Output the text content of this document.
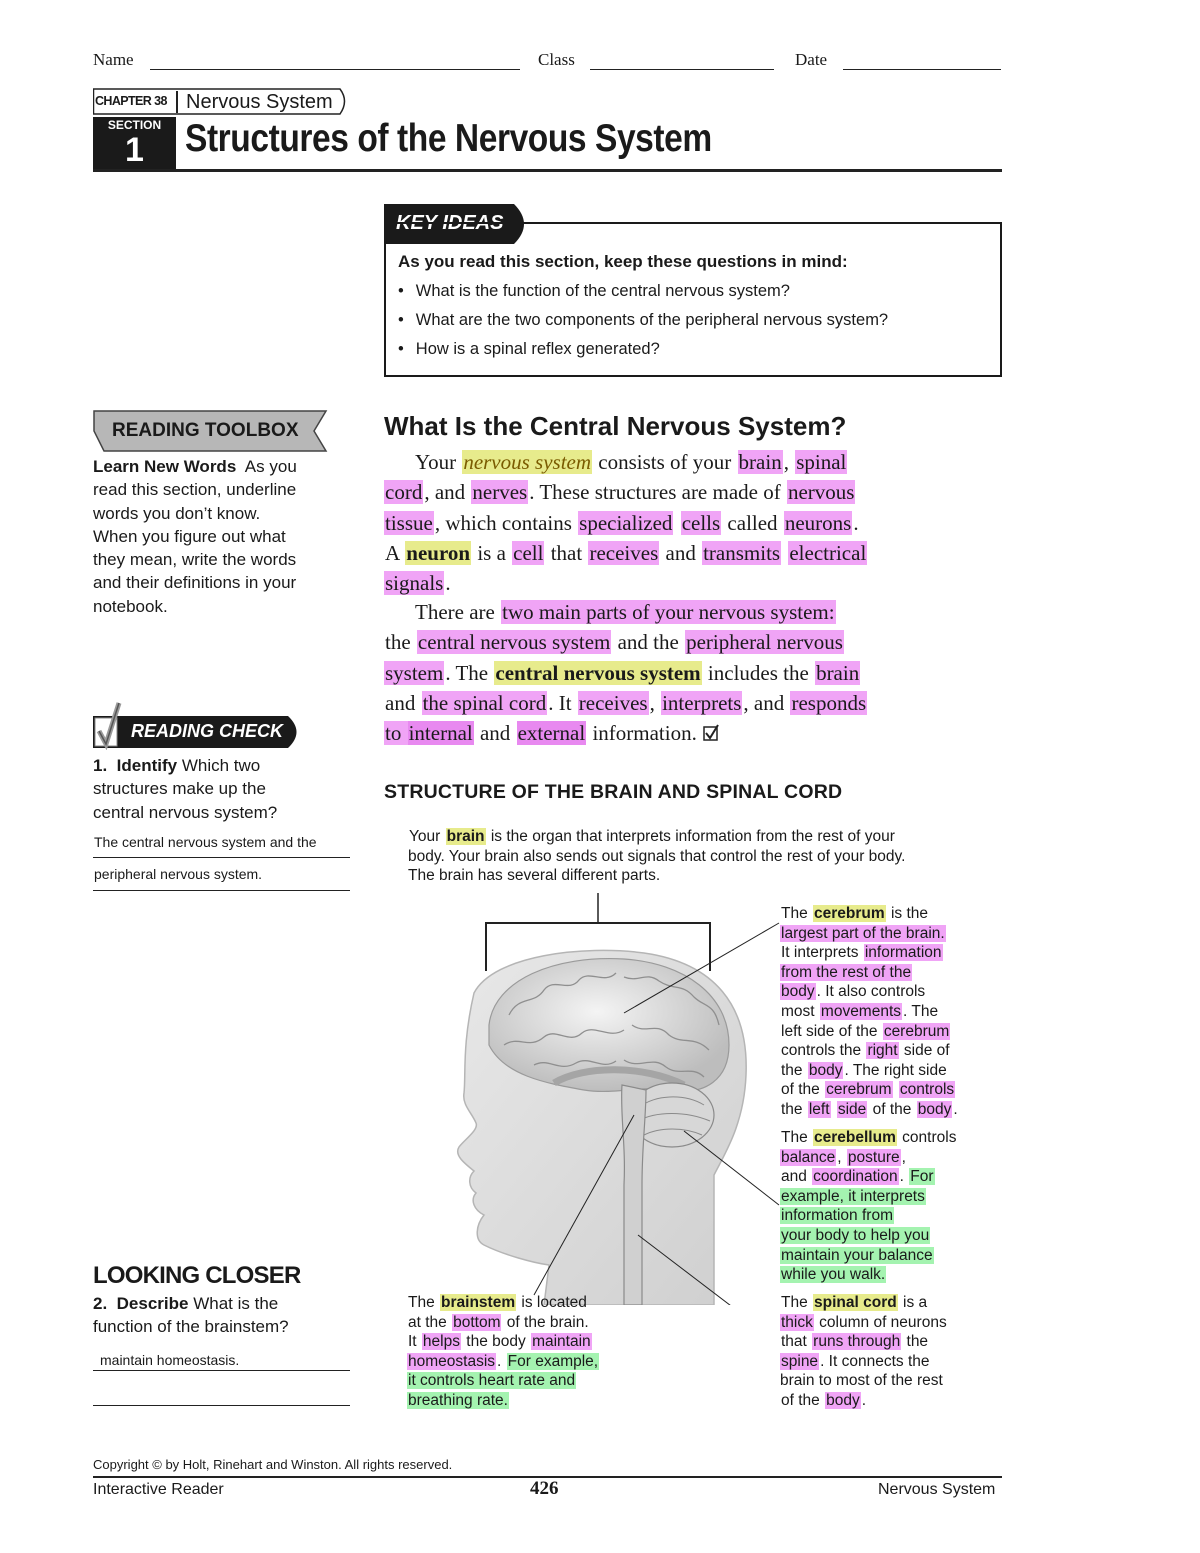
Name	Class	Date
CHAPTER 38 Nervous System
SECTION
1	Structures of the Nervous System
KEY IDEAS
As you read this section, keep these questions in mind:
• What is the function of the central nervous system?
• What are the two components of the peripheral nervous system?
• How is a spinal reflex generated?
READING TOOLBOX
Learn New Words As you
read this section, underline
words you don’t know.
When you figure out what
they mean, write the words
and their definitions in your
notebook.
READING CHECK
1. Identify Which two
structures make up the
central nervous system?
The central nervous system and the
peripheral nervous system.
LOOKING CLOSER
2. Describe What is the
function of the brainstem?
maintain homeostasis.
What Is the Central Nervous System?
Your nervous system consists of your brain, spinal
cord, and nerves. These structures are made of nervous
tissue, which contains specialized cells called neurons.
A neuron is a cell that receives and transmits electrical
signals.
There are two main parts of your nervous system:
the central nervous system and the peripheral nervous
system. The central nervous system includes the brain
and the spinal cord. It receives, interprets, and responds
to internal and external information.
STRUCTURE OF THE BRAIN AND SPINAL CORD
Your brain is the organ that interprets information from the rest of your
body. Your brain also sends out signals that control the rest of your body.
The brain has several different parts.
The cerebrum is the
largest part of the brain.
It interprets information
from the rest of the
body . It also controls
most movements . The
left side of the cerebrum
controls the right side of
the body . The right side
of the cerebrum controls
the left side of the body .
The cerebellum controls
balance , posture ,
and coordination . For
example, it interprets
information from
your body to help you
maintain your balance
while you walk.
The brainstem is located
at the bottom of the brain.
It helps the body maintain
homeostasis . For example,
it controls heart rate and
breathing rate.
The spinal cord is a
thick column of neurons
that runs through the
spine . It connects the
brain to most of the rest
of the body .
Copyright © by Holt, Rinehart and Winston. All rights reserved.
Interactive Reader	426	Nervous System
